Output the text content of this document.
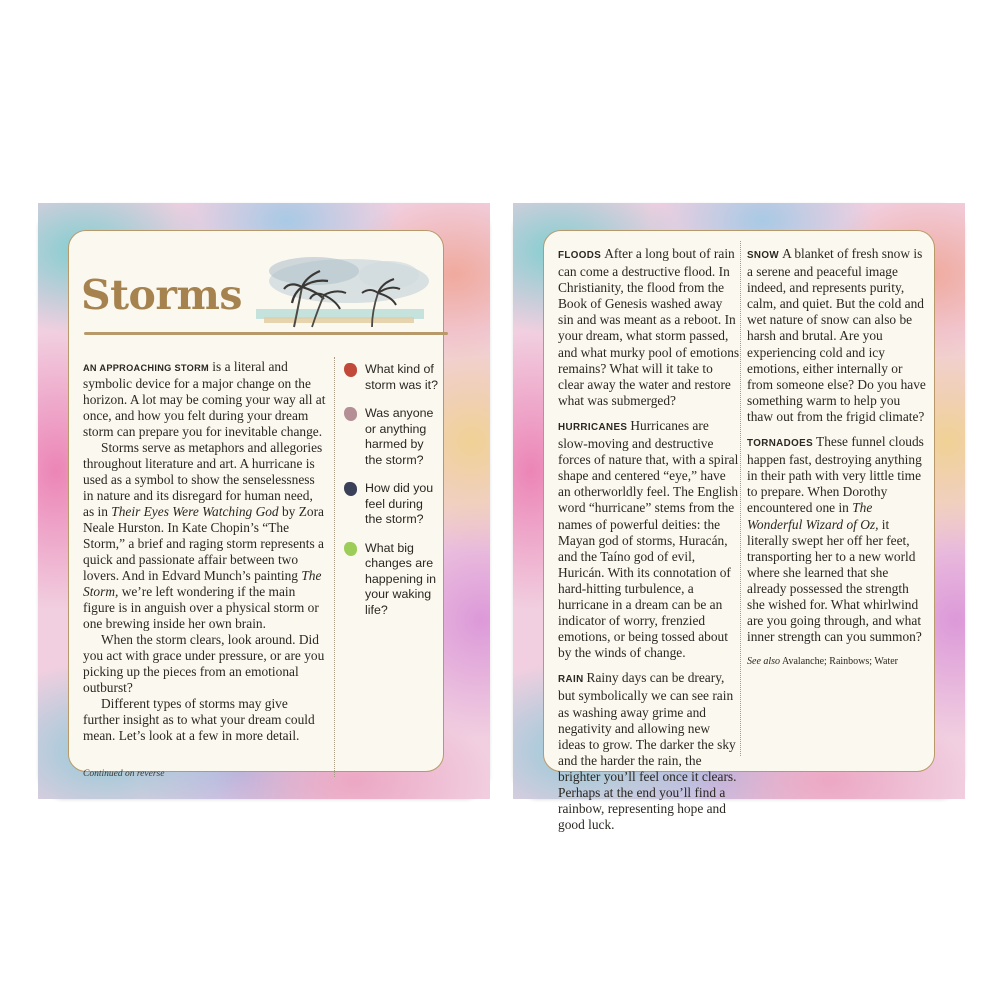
Storms

AN APPROACHING STORM is a literal and symbolic device for a major change on the horizon. A lot may be coming your way all at once, and how you felt during your dream storm can prepare you for inevitable change.

Storms serve as metaphors and allegories throughout literature and art. A hurricane is used as a symbol to show the senselessness in nature and its disregard for human need, as in Their Eyes Were Watching God by Zora Neale Hurston. In Kate Chopin’s “The Storm,” a brief and raging storm represents a quick and passionate affair between two lovers. And in Edvard Munch’s painting The Storm, we’re left wondering if the main figure is in anguish over a physical storm or one brewing inside her own brain.

When the storm clears, look around. Did you act with grace under pressure, or are you picking up the pieces from an emotional outburst?

Different types of storms may give further insight as to what your dream could mean. Let’s look at a few in more detail.

Continued on reverse
What kind of storm was it?
Was anyone or anything harmed by the storm?
How did you feel during the storm?
What big changes are happening in your waking life?

FLOODS After a long bout of rain can come a destructive flood. In Christianity, the flood from the Book of Genesis washed away sin and was meant as a reboot. In your dream, what storm passed, and what murky pool of emotions remains? What will it take to clear away the water and restore what was submerged?

HURRICANES Hurricanes are slow-moving and destructive forces of nature that, with a spiral shape and centered “eye,” have an otherworldly feel. The English word “hurricane” stems from the names of powerful deities: the Mayan god of storms, Huracán, and the Taíno god of evil, Huricán. With its connotation of hard-hitting turbulence, a hurricane in a dream can be an indicator of worry, frenzied emotions, or being tossed about by the winds of change.

RAIN Rainy days can be dreary, but symbolically we can see rain as washing away grime and negativity and allowing new ideas to grow. The darker the sky and the harder the rain, the brighter you’ll feel once it clears. Perhaps at the end you’ll find a rainbow, representing hope and good luck.

SNOW A blanket of fresh snow is a serene and peaceful image indeed, and represents purity, calm, and quiet. But the cold and wet nature of snow can also be harsh and brutal. Are you experiencing cold and icy emotions, either internally or from someone else? Do you have something warm to help you thaw out from the frigid climate?

TORNADOES These funnel clouds happen fast, destroying anything in their path with very little time to prepare. When Dorothy encountered one in The Wonderful Wizard of Oz, it literally swept her off her feet, transporting her to a new world where she learned that she already possessed the strength she wished for. What whirlwind are you going through, and what inner strength can you summon?

See also Avalanche; Rainbows; Water
